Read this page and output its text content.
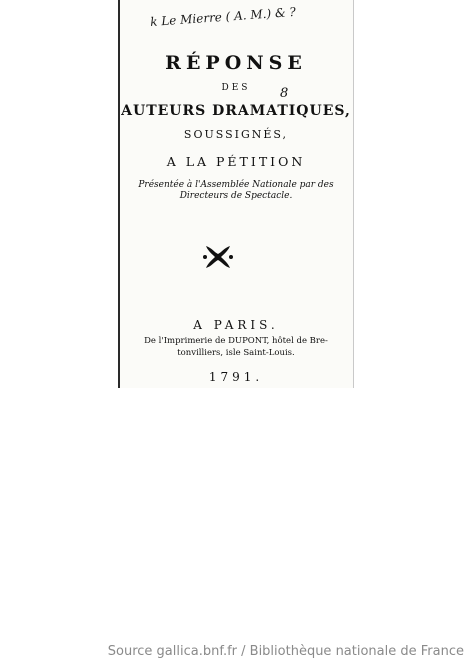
k Le Mierre ( A. M.) & ?
8
RÉPONSE
DES
AUTEURS DRAMATIQUES,
SOUSSIGNÉS,
A LA PÉTITION
Présentée à l'Assemblée Nationale par des
Directeurs de Spectacle.
A PARIS.
De l'Imprimerie de DUPONT, hôtel de Bre-
tonvilliers, isle Saint-Louis.
1791.
Source gallica.bnf.fr / Bibliothèque nationale de France
